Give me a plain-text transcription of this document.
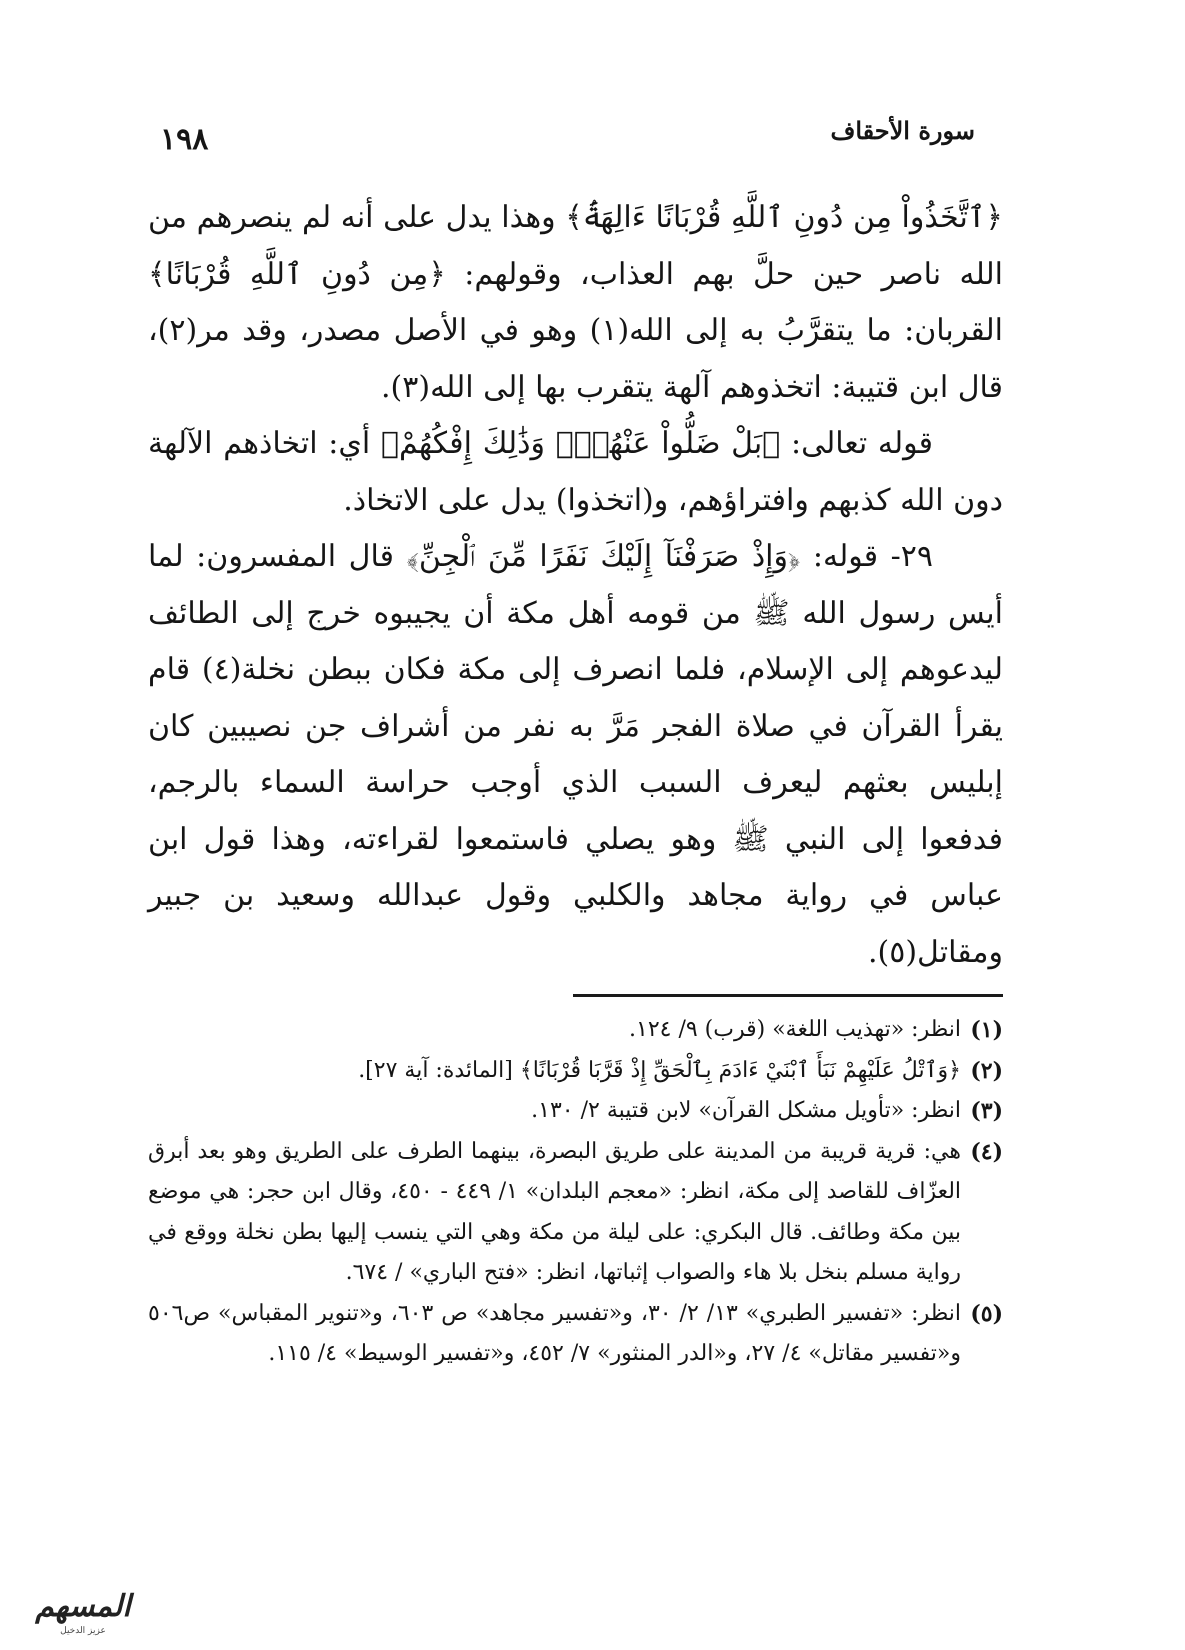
سورة الأحقاف
١٩٨

﴿ٱتَّخَذُواْ مِن دُونِ ٱللَّهِ قُرْبَانًا ءَالِهَةَۢ﴾ وهذا يدل على أنه لم ينصرهم من الله ناصر حين حلَّ بهم العذاب، وقولهم: ﴿مِن دُونِ ٱللَّهِ قُرْبَانًا﴾ القربان: ما يتقرَّبُ به إلى الله(١) وهو في الأصل مصدر، وقد مر(٢)، قال ابن قتيبة: اتخذوهم آلهة يتقرب بها إلى الله(٣).

قوله تعالى: ﴿بَلْ ضَلُّواْ عَنْهُمْۚ وَذَٰلِكَ إِفْكُهُمْ﴾ أي: اتخاذهم الآلهة دون الله كذبهم وافتراؤهم، و(اتخذوا) يدل على الاتخاذ.

٢٩- قوله: ﴿وَإِذْ صَرَفْنَآ إِلَيْكَ نَفَرًا مِّنَ ٱلْجِنِّ﴾ قال المفسرون: لما أيس رسول الله ﷺ من قومه أهل مكة أن يجيبوه خرج إلى الطائف ليدعوهم إلى الإسلام، فلما انصرف إلى مكة فكان ببطن نخلة(٤) قام يقرأ القرآن في صلاة الفجر مَرَّ به نفر من أشراف جن نصيبين كان إبليس بعثهم ليعرف السبب الذي أوجب حراسة السماء بالرجم، فدفعوا إلى النبي ﷺ وهو يصلي فاستمعوا لقراءته، وهذا قول ابن عباس في رواية مجاهد والكلبي وقول عبدالله وسعيد بن جبير ومقاتل(٥).

(١)
انظر: «تهذيب اللغة» (قرب) ٩/ ١٢٤.

(٢)
﴿وَٱتْلُ عَلَيْهِمْ نَبَأَ ٱبْنَيْ ءَادَمَ بِٱلْحَقِّ إِذْ قَرَّبَا قُرْبَانًا﴾ [المائدة: آية ٢٧].

(٣)
انظر: «تأويل مشكل القرآن» لابن قتيبة ٢/ ١٣٠.

(٤)
هي: قرية قريبة من المدينة على طريق البصرة، بينهما الطرف على الطريق وهو بعد أبرق العزّاف للقاصد إلى مكة، انظر: «معجم البلدان» ١/ ٤٤٩ - ٤٥٠، وقال ابن حجر: هي موضع بين مكة وطائف. قال البكري: على ليلة من مكة وهي التي ينسب إليها بطن نخلة ووقع في رواية مسلم بنخل بلا هاء والصواب إثباتها، انظر: «فتح الباري» / ٦٧٤.

(٥)
انظر: «تفسير الطبري» ١٣/ ٢/ ٣٠، و«تفسير مجاهد» ص ٦٠٣، و«تنوير المقباس» ص٥٠٦ و«تفسير مقاتل» ٤/ ٢٧، و«الدر المنثور» ٧/ ٤٥٢، و«تفسير الوسيط» ٤/ ١١٥.

المسهم
عزيز الدخيل
